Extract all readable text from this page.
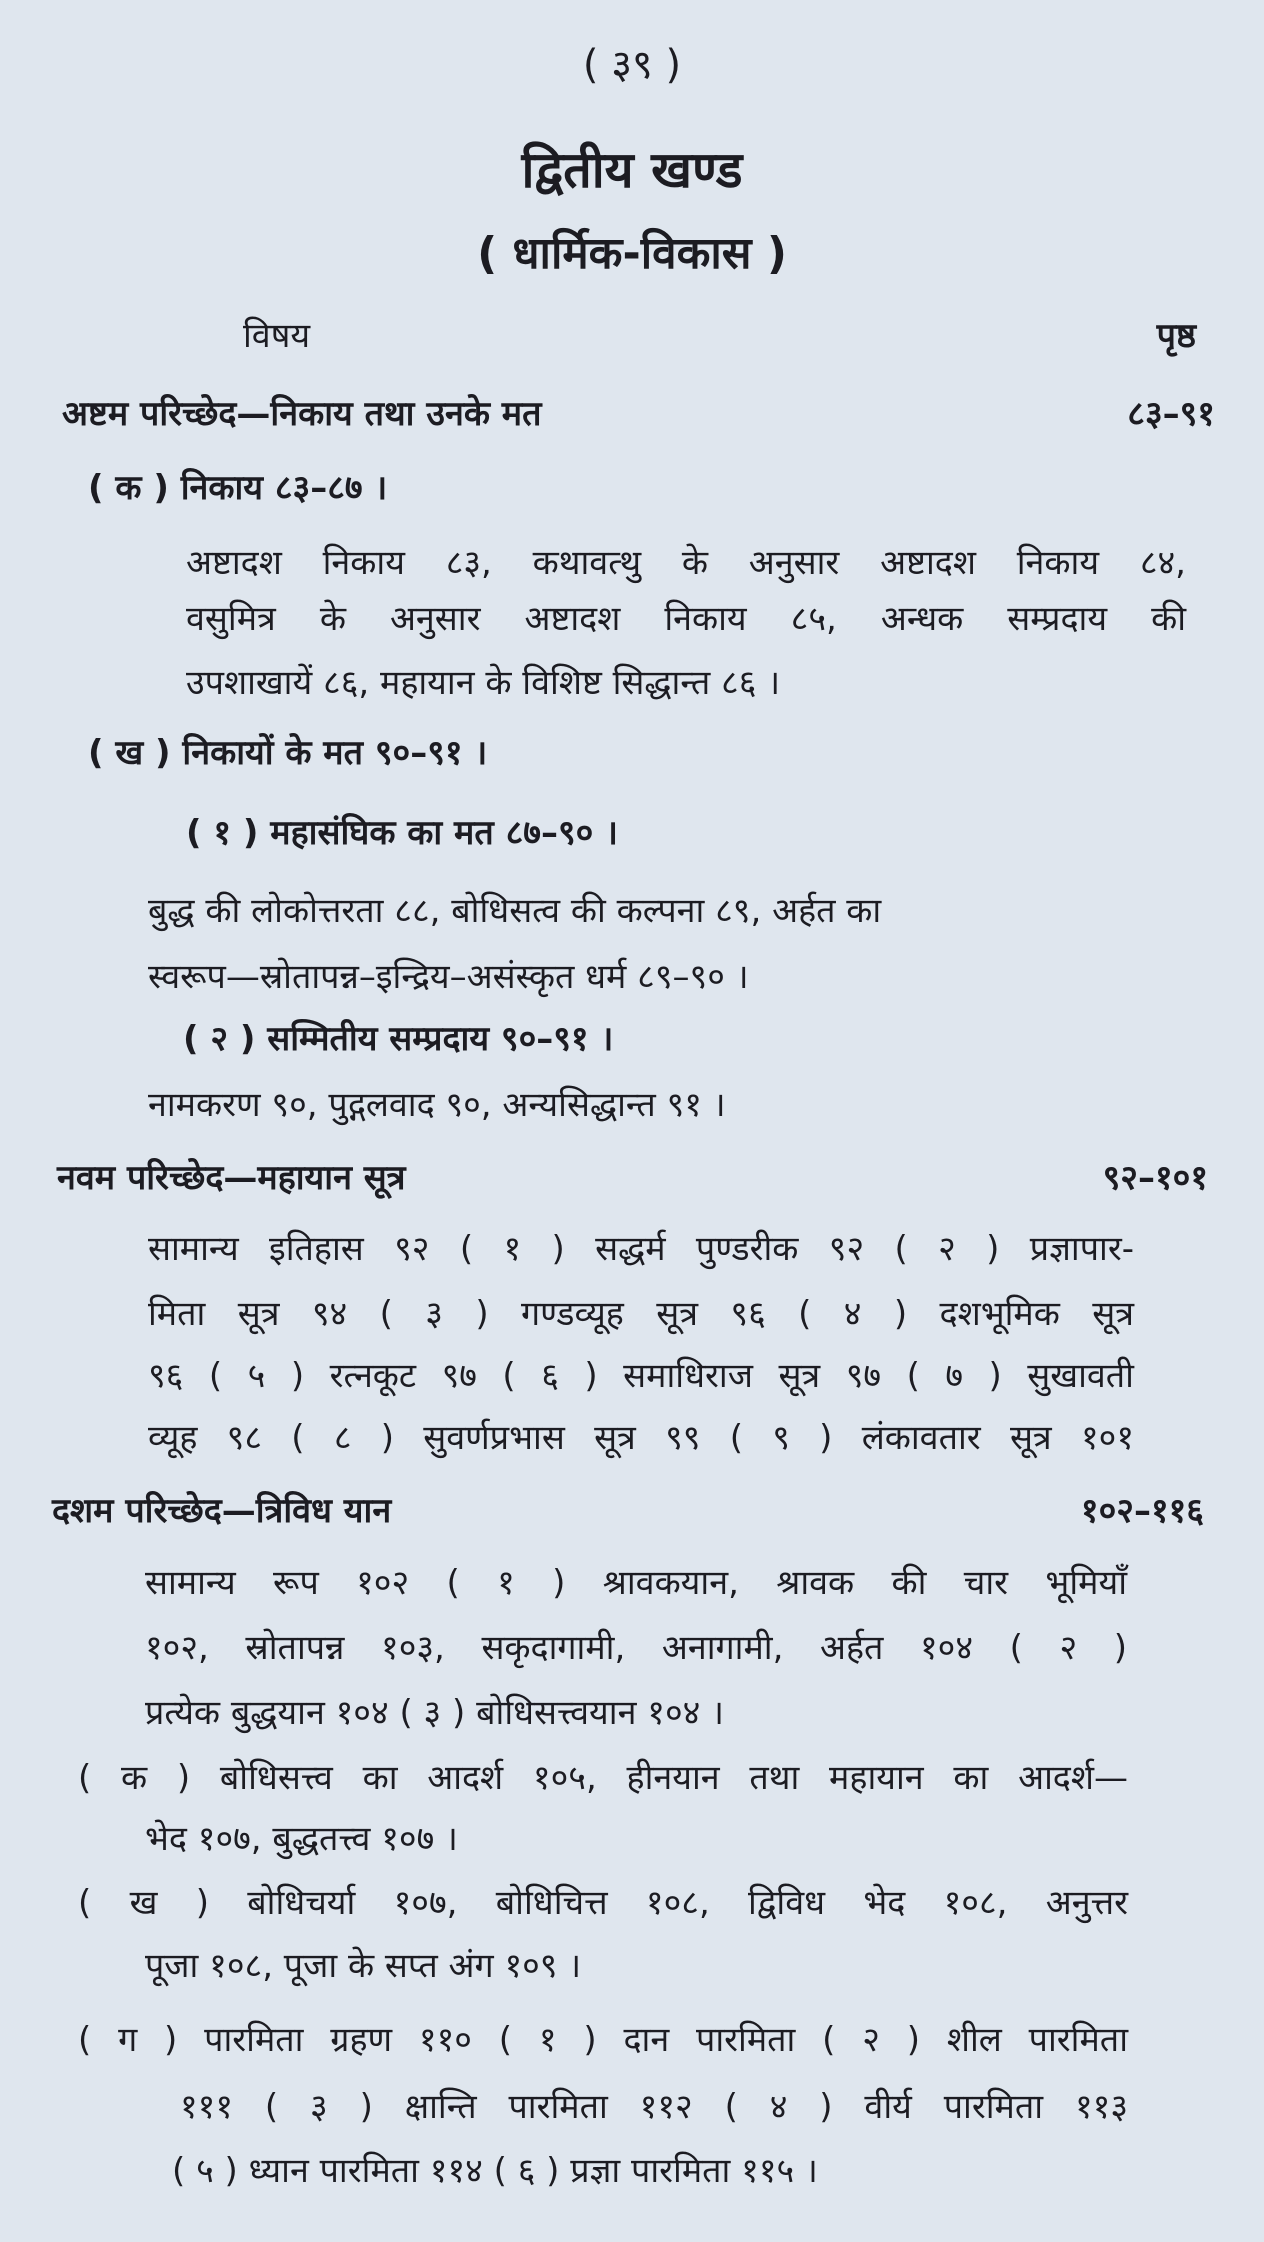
( ३९ )
द्वितीय खण्ड
( धार्मिक-विकास )
विषय	पृष्ठ
अष्टम परिच्छेद—निकाय तथा उनके मत	८३–९१
( क ) निकाय ८३–८७ ।
अष्टादश निकाय ८३, कथावत्थु के अनुसार अष्टादश निकाय ८४,
वसुमित्र के अनुसार अष्टादश निकाय ८५, अन्धक सम्प्रदाय की
उपशाखायें ८६, महायान के विशिष्ट सिद्धान्त ८६ ।
( ख ) निकायों के मत ९०–९१ ।
( १ ) महासंघिक का मत ८७–९० ।
बुद्ध की लोकोत्तरता ८८, बोधिसत्व की कल्पना ८९, अर्हत का
स्वरूप—स्रोतापन्न–इन्द्रिय–असंस्कृत धर्म ८९–९० ।
( २ ) सम्मितीय सम्प्रदाय ९०–९१ ।
नामकरण ९०, पुद्गलवाद ९०, अन्यसिद्धान्त ९१ ।
नवम परिच्छेद—महायान सूत्र	९२–१०१
सामान्य इतिहास ९२ ( १ ) सद्धर्म पुण्डरीक ९२ ( २ ) प्रज्ञापार-
मिता सूत्र ९४ ( ३ ) गण्डव्यूह सूत्र ९६ ( ४ ) दशभूमिक सूत्र
९६ ( ५ ) रत्नकूट ९७ ( ६ ) समाधिराज सूत्र ९७ ( ७ ) सुखावती
व्यूह ९८ ( ८ ) सुवर्णप्रभास सूत्र ९९ ( ९ ) लंकावतार सूत्र १०१
दशम परिच्छेद—त्रिविध यान	१०२–११६
सामान्य रूप १०२ ( १ ) श्रावकयान, श्रावक की चार भूमियाँ
१०२, स्रोतापन्न १०३, सकृदागामी, अनागामी, अर्हत १०४ ( २ )
प्रत्येक बुद्धयान १०४ ( ३ ) बोधिसत्त्वयान १०४ ।
( क ) बोधिसत्त्व का आदर्श १०५, हीनयान तथा महायान का आदर्श—
भेद १०७, बुद्धतत्त्व १०७ ।
( ख ) बोधिचर्या १०७, बोधिचित्त १०८, द्विविध भेद १०८, अनुत्तर
पूजा १०८, पूजा के सप्त अंग १०९ ।
( ग ) पारमिता ग्रहण ११० ( १ ) दान पारमिता ( २ ) शील पारमिता
१११ ( ३ ) क्षान्ति पारमिता ११२ ( ४ ) वीर्य पारमिता ११३
( ५ ) ध्यान पारमिता ११४ ( ६ ) प्रज्ञा पारमिता ११५ ।
